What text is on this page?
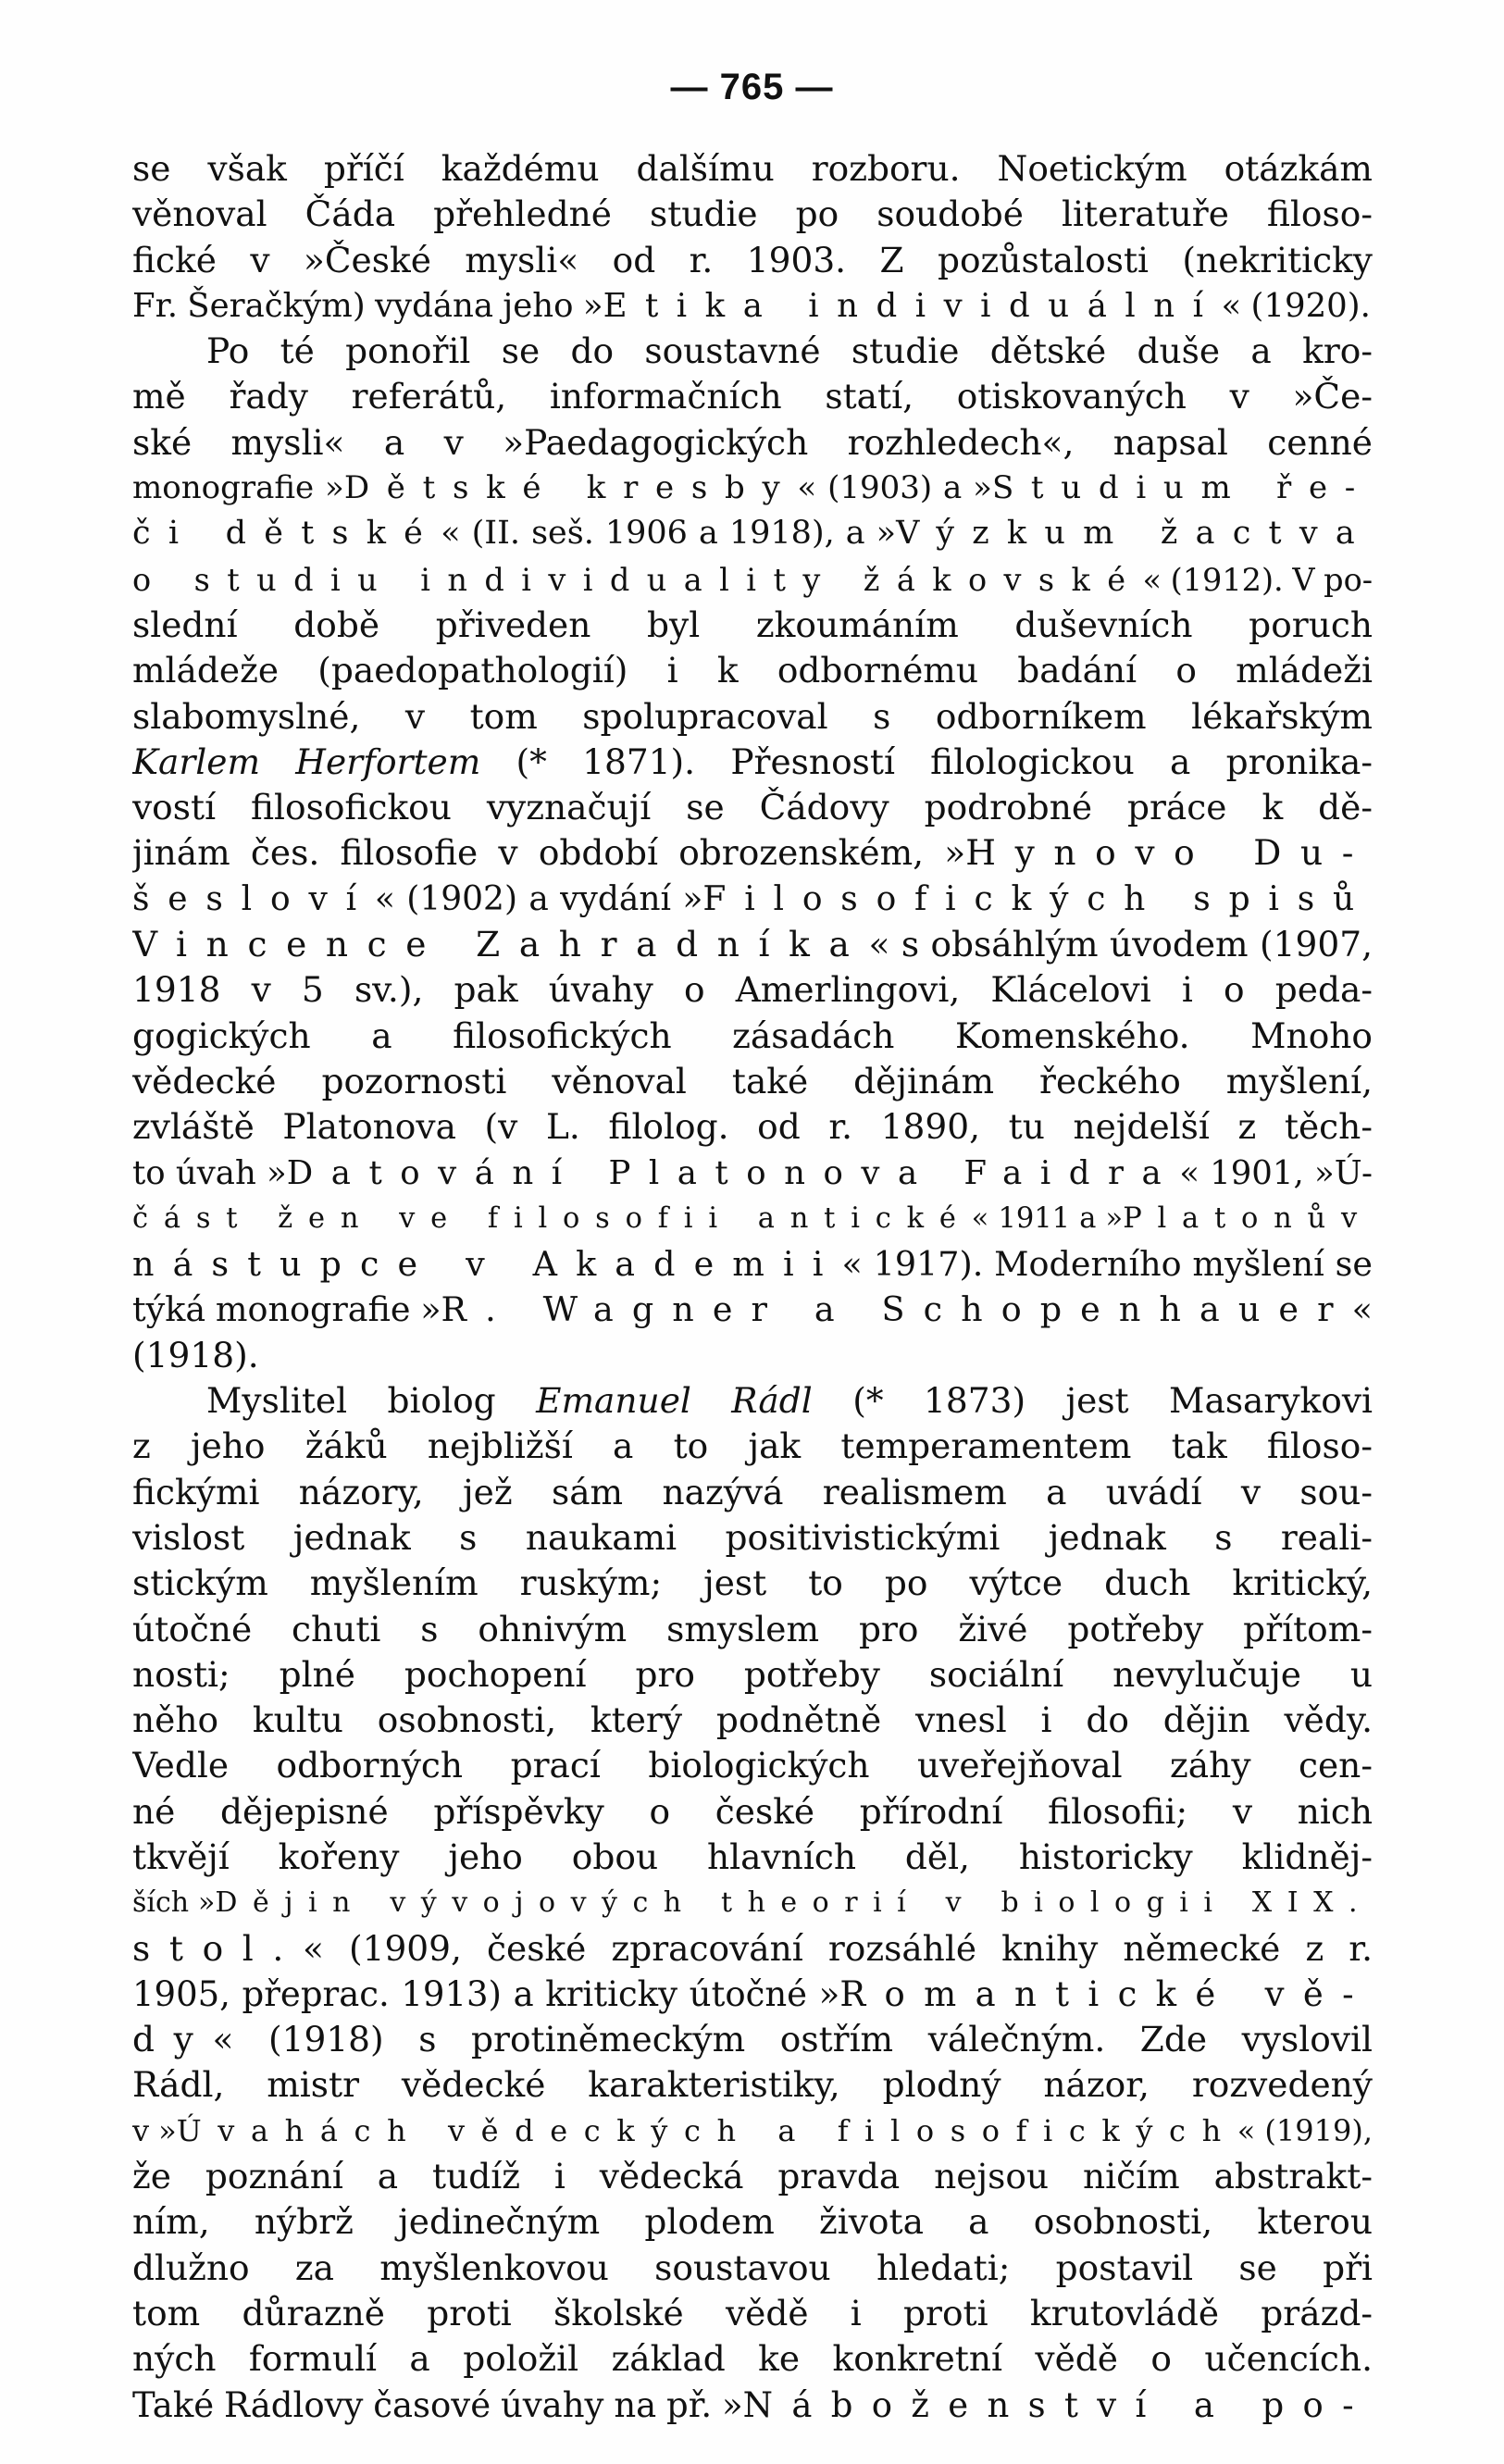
— 765 —
se však příčí každému dalšímu rozboru. Noetickým otázkám
věnoval Čáda přehledné studie po soudobé literatuře filoso-
fické v »České mysli« od r. 1903. Z pozůstalosti (nekriticky
Fr. Šeračkým) vydána jeho »Etika individuální« (1920).
Po té ponořil se do soustavné studie dětské duše a kro-
mě řady referátů, informačních statí, otiskovaných v »Če-
ské mysli« a v »Paedagogických rozhledech«, napsal cenné
monografie »Dětské kresby« (1903) a »Studium ře-
či dětské« (II. seš. 1906 a 1918), a »Výzkum žactva
o studiu individuality žákovské« (1912). V po-
slední době přiveden byl zkoumáním duševních poruch
mládeže (paedopathologií) i k odbornému badání o mládeži
slabomyslné, v tom spolupracoval s odborníkem lékařským
Karlem Herfortem (* 1871). Přesností filologickou a pronika-
vostí filosofickou vyznačují se Čádovy podrobné práce k dě-
jinám čes. filosofie v období obrozenském, »Hynovo Du-
šesloví« (1902) a vydání »Filosofických spisů
Vincence Zahradníka« s obsáhlým úvodem (1907,
1918 v 5 sv.), pak úvahy o Amerlingovi, Klácelovi i o peda-
gogických a filosofických zásadách Komenského. Mnoho
vědecké pozornosti věnoval také dějinám řeckého myšlení,
zvláště Platonova (v L. filolog. od r. 1890, tu nejdelší z těch-
to úvah »Datování Platonova Faidra« 1901, »Ú-
část žen ve filosofii antické« 1911 a »Platonův
nástupce v Akademii« 1917). Moderního myšlení se
týká monografie »R. Wagner a Schopenhauer«
(1918).
Myslitel biolog Emanuel Rádl (* 1873) jest Masarykovi
z jeho žáků nejbližší a to jak temperamentem tak filoso-
fickými názory, jež sám nazývá realismem a uvádí v sou-
vislost jednak s naukami positivistickými jednak s reali-
stickým myšlením ruským; jest to po výtce duch kritický,
útočné chuti s ohnivým smyslem pro živé potřeby přítom-
nosti; plné pochopení pro potřeby sociální nevylučuje u
něho kultu osobnosti, který podnětně vnesl i do dějin vědy.
Vedle odborných prací biologických uveřejňoval záhy cen-
né dějepisné příspěvky o české přírodní filosofii; v nich
tkvějí kořeny jeho obou hlavních děl, historicky klidněj-
ších »Dějin vývojových theorií v biologii XIX.
stol.« (1909, české zpracování rozsáhlé knihy německé z r.
1905, přeprac. 1913) a kriticky útočné »Romantické vě-
dy« (1918) s protiněmeckým ostřím válečným. Zde vyslovil
Rádl, mistr vědecké karakteristiky, plodný názor, rozvedený
v »Úvahách vědeckých a filosofických« (1919),
že poznání a tudíž i vědecká pravda nejsou ničím abstrakt-
ním, nýbrž jedinečným plodem života a osobnosti, kterou
dlužno za myšlenkovou soustavou hledati; postavil se při
tom důrazně proti školské vědě i proti krutovládě prázd-
ných formulí a položil základ ke konkretní vědě o učencích.
Také Rádlovy časové úvahy na př. »Náboženství a po-
